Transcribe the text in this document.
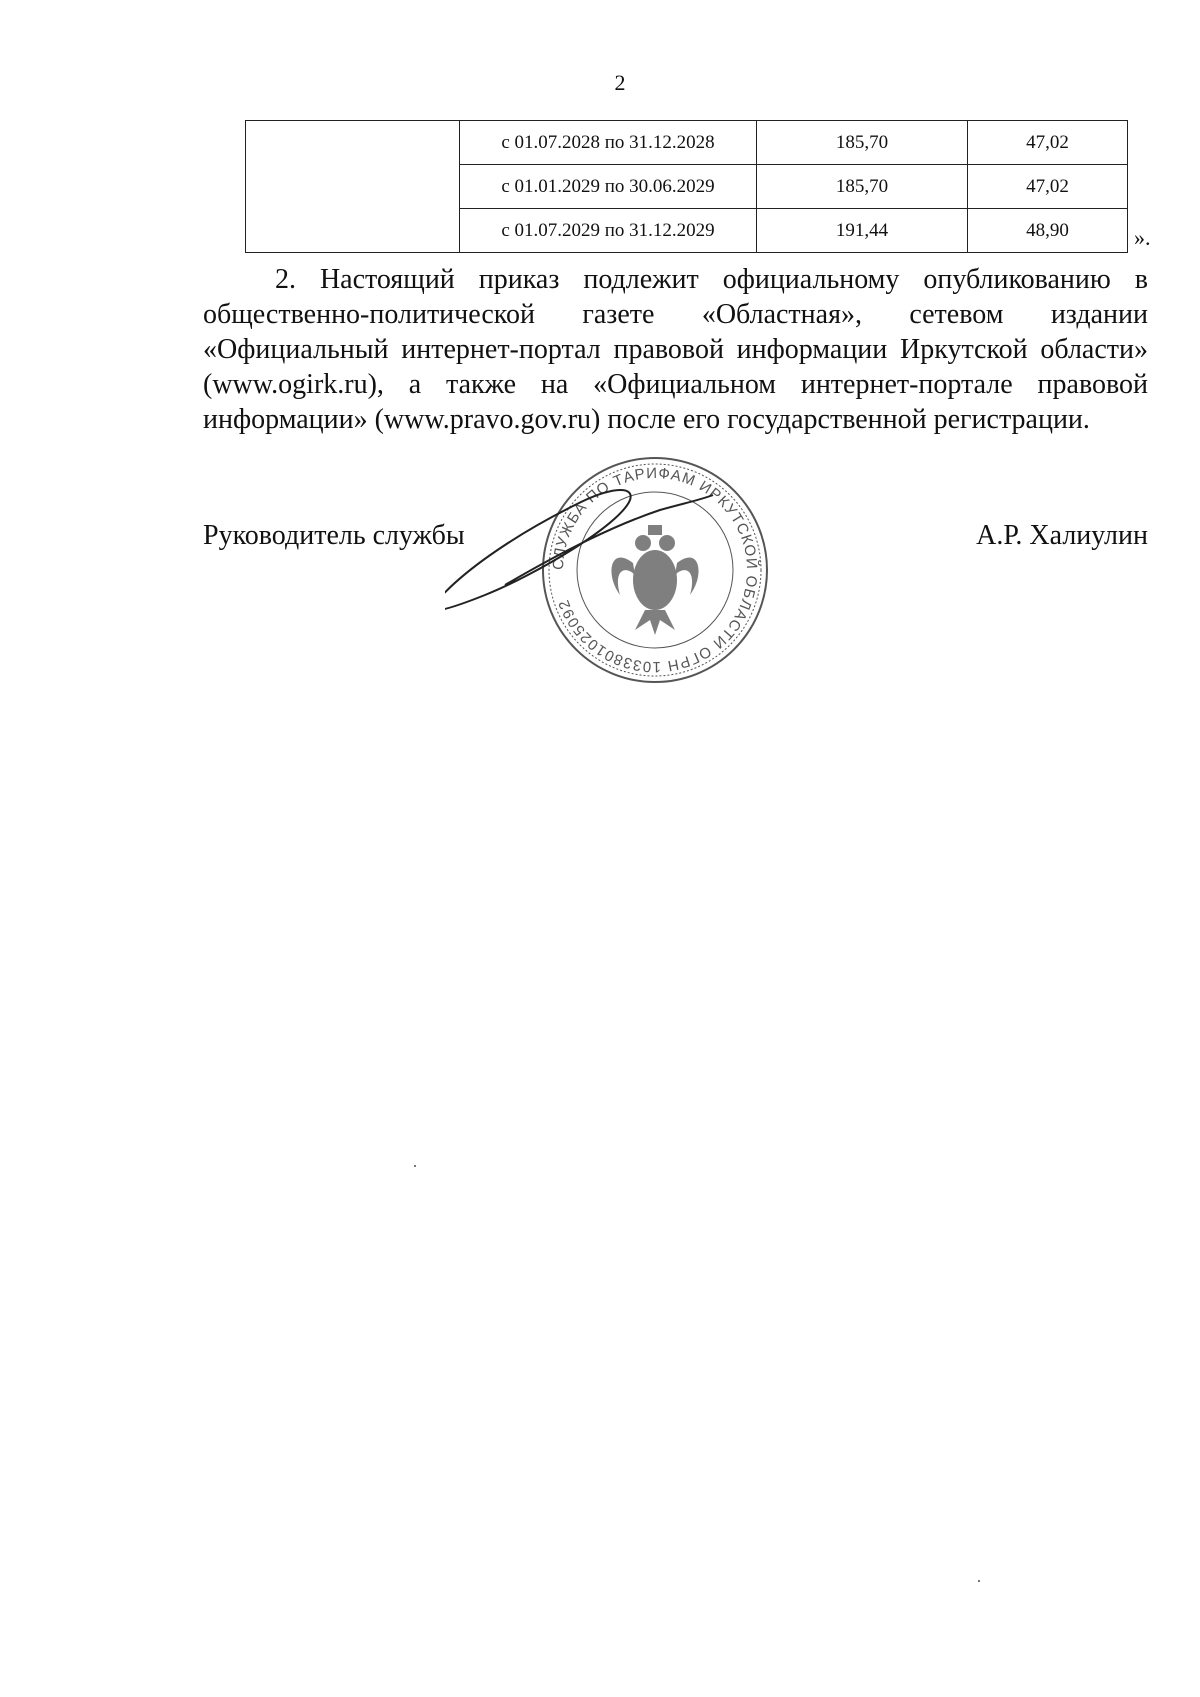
2
	с 01.07.2028 по 31.12.2028	185,70	47,02
	с 01.01.2029 по 30.06.2029	185,70	47,02
	с 01.07.2029 по 31.12.2029	191,44	48,90	».

2. Настоящий приказ подлежит официальному опубликованию в общественно-политической газете «Областная», сетевом издании «Официальный интернет-портал правовой информации Иркутской области» (www.ogirk.ru), а также на «Официальном интернет-портале правовой информации» (www.pravo.gov.ru) после его государственной регистрации.

Руководитель службы	А.Р. Халиулин
СЛУЖБА ПО ТАРИФАМ ИРКУТСКОЙ ОБЛАСТИ ОГРН 1033801025092
